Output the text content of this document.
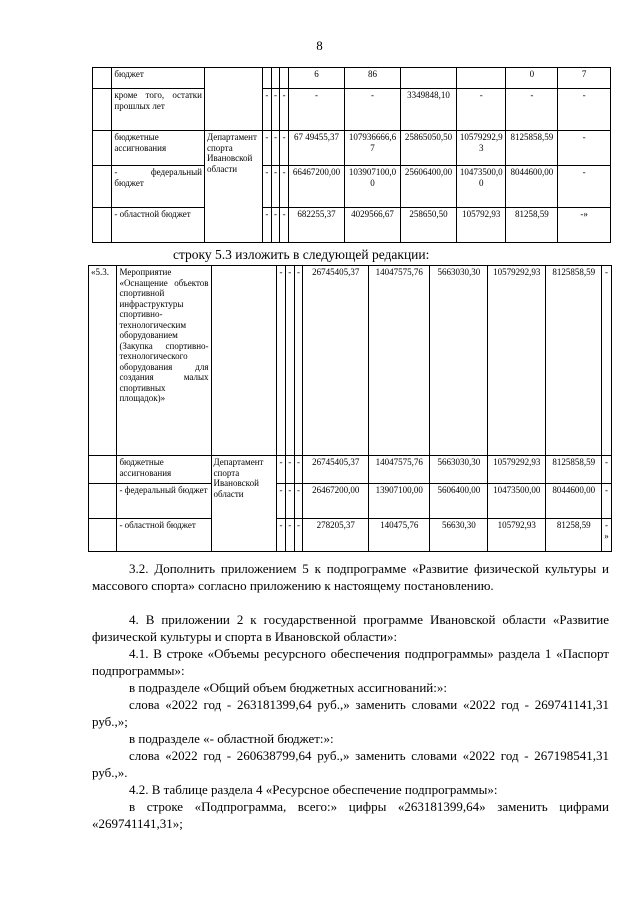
8
	бюджет					6	86			0	7
	кроме того, остатки прошлых лет		-	-	-	-	-	3349848,10	-	-	-
	бюджетные ассигнования	Департамент спорта Ивановской области	-	-	-	67 49455,37	107936666,67	25865050,50	10579292,93	8125858,59	-
	- федеральный бюджет		-	-	-	66467200,00	103907100,00	25606400,00	10473500,00	8044600,00	-
	- областной бюджет		-	-	-	682255,37	4029566,67	258650,50	105792,93	81258,59	-»
строку 5.3 изложить в следующей редакции:
«5.3.	Мероприятие «Оснащение объектов спортивной инфраструктуры спортивно-технологическим оборудованием (Закупка спортивно-технологического оборудования для создания малых спортивных площадок)»		-	-	-	26745405,37	14047575,76	5663030,30	10579292,93	8125858,59	-
	бюджетные ассигнования	Департамент спорта Ивановской области	-	-	-	26745405,37	14047575,76	5663030,30	10579292,93	8125858,59	-
	- федеральный бюджет		-	-	-	26467200,00	13907100,00	5606400,00	10473500,00	8044600,00	-
	- областной бюджет		-	-	-	278205,37	140475,76	56630,30	105792,93	81258,59	-»
3.2. Дополнить приложением 5 к подпрограмме «Развитие физической культуры и массового спорта» согласно приложению к настоящему постановлению.
4. В приложении 2 к государственной программе Ивановской области «Развитие физической культуры и спорта в Ивановской области»:
4.1. В строке «Объемы ресурсного обеспечения подпрограммы» раздела 1 «Паспорт подпрограммы»:
в подразделе «Общий объем бюджетных ассигнований:»:
слова «2022 год - 263181399,64 руб.,» заменить словами «2022 год - 269741141,31 руб.,»;
в подразделе «- областной бюджет:»:
слова «2022 год - 260638799,64 руб.,» заменить словами «2022 год - 267198541,31 руб.,».
4.2. В таблице раздела 4 «Ресурсное обеспечение подпрограммы»:
в строке «Подпрограмма, всего:» цифры «263181399,64» заменить цифрами «269741141,31»;
